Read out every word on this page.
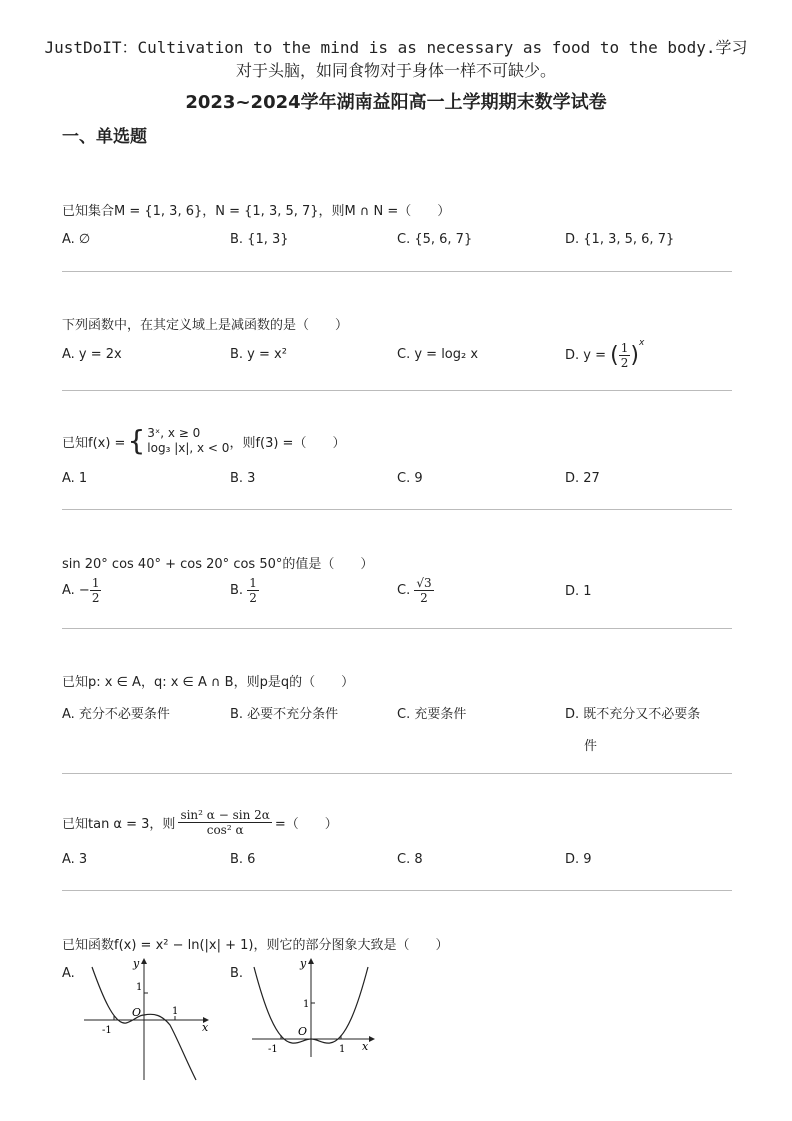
JustDoIT：Cultivation to the mind is as necessary as food to the body.学习对于头脑，如同食物对于身体一样不可缺少。
2023~2024学年湖南益阳高一上学期期末数学试卷
一、单选题
已知集合M = {1, 3, 6}，N = {1, 3, 5, 7}，则M ∩ N =（　　）
A. ∅	B. {1, 3}	C. {5, 6, 7}	D. {1, 3, 5, 6, 7}
下列函数中，在其定义域上是减函数的是（　　）
A. y = 2x	B. y = x²	C. y = log₂ x	D. y = ( $\frac{1}{2} )^x$
已知f(x) = { 3ˣ, x ≥ 0
log₃ |x|, x < 0 ，则f(3) =（　　）
A. 1	B. 3	C. 9	D. 27
sin 20° cos 40° + cos 20° cos 50°的值是（　　）
A. − $\frac{1}{2}$	B. $\frac{1}{2}$	C. $\frac{√3}{2}$	D. 1
已知p: x ∈ A，q: x ∈ A ∩ B，则p是q的（　　）
A. 充分不必要条件	B. 必要不充分条件	C. 充要条件	D. 既不充分又不必要条
件
已知tan α = 3，则 $\frac{\text{sin² α − sin 2α}}{\text{cos² α}}$ =（　　）
A. 3	B. 6	C. 8	D. 9
已知函数f(x) = x² − ln(|x| + 1)，则它的部分图象大致是（　　）
A.	B.
y
x
O
1
1
-1
y
x
O
1
1
-1
